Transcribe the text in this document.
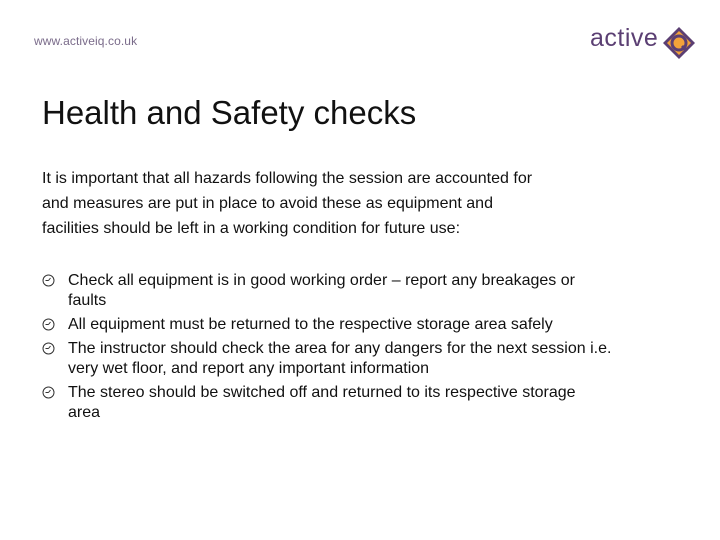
www.activeiq.co.uk	active
Health and Safety checks

It is important that all hazards following the session are accounted for
and measures are put in place to avoid these as equipment and
facilities should be left in a working condition for future use:

Check all equipment is in good working order – report any breakages or
faults
All equipment must be returned to the respective storage area safely
The instructor should check the area for any dangers for the next session i.e.
very wet floor, and report any important information
The stereo should be switched off and returned to its respective storage
area
